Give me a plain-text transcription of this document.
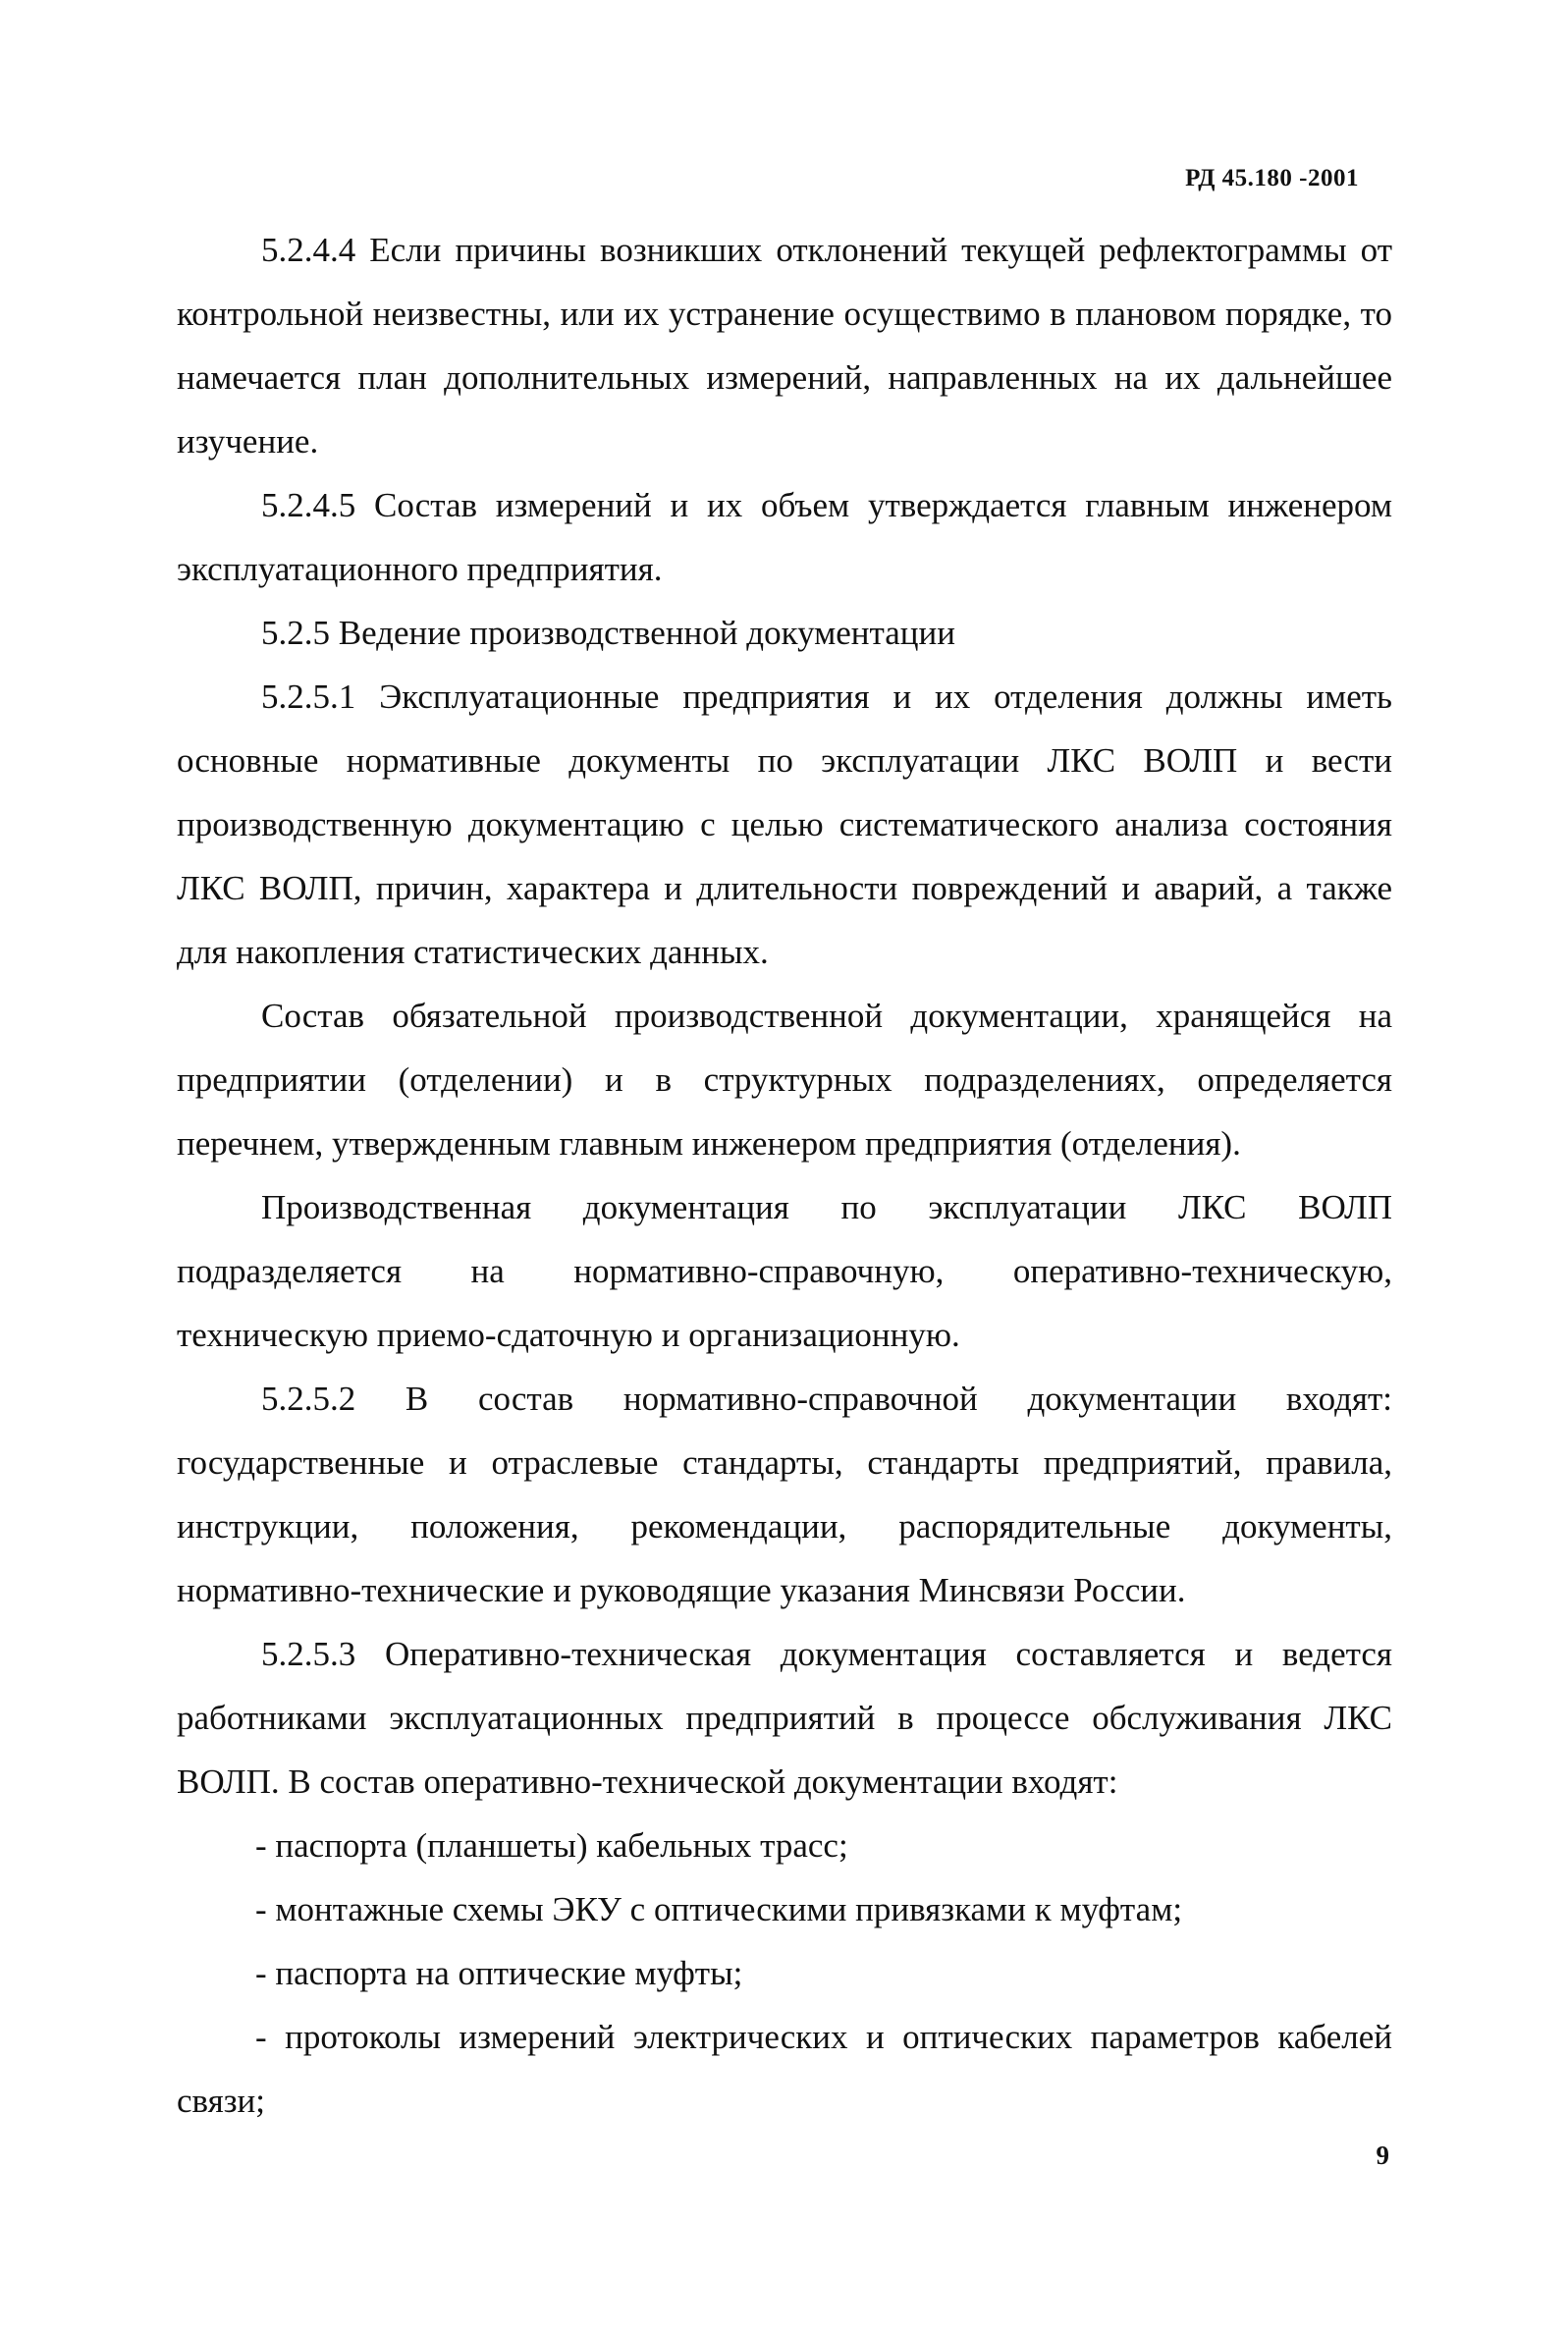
РД 45.180 -2001

5.2.4.4 Если причины возникших отклонений текущей рефлектограммы от контрольной неизвестны, или их устранение осуществимо в плановом порядке, то намечается план дополнительных измерений, направленных на их дальнейшее изучение.

5.2.4.5 Состав измерений и их объем утверждается главным инженером эксплуатационного предприятия.

5.2.5 Ведение производственной документации

5.2.5.1 Эксплуатационные предприятия и их отделения должны иметь основные нормативные документы по эксплуатации ЛКС ВОЛП и вести производственную документацию с целью систематического анализа состояния ЛКС ВОЛП, причин, характера и длительности повреждений и аварий, а также для накопления статистических данных.

Состав обязательной производственной документации, хранящейся на предприятии (отделении) и в структурных подразделениях, определяется перечнем, утвержденным главным инженером предприятия (отделения).

Производственная документация по эксплуатации ЛКС ВОЛП подразделяется на нормативно-справочную, оперативно-техническую, техническую приемо-сдаточную и организационную.

5.2.5.2 В состав нормативно-справочной документации входят: государственные и отраслевые стандарты, стандарты предприятий, правила, инструкции, положения, рекомендации, распорядительные документы, нормативно-технические и руководящие указания Минсвязи России.

5.2.5.3 Оперативно-техническая документация составляется и ведется работниками эксплуатационных предприятий в процессе обслуживания ЛКС ВОЛП. В состав оперативно-технической документации входят:

- паспорта (планшеты) кабельных трасс;
- монтажные схемы ЭКУ с оптическими привязками к муфтам;
- паспорта на оптические муфты;
- протоколы измерений электрических и оптических параметров кабелей связи;
9
